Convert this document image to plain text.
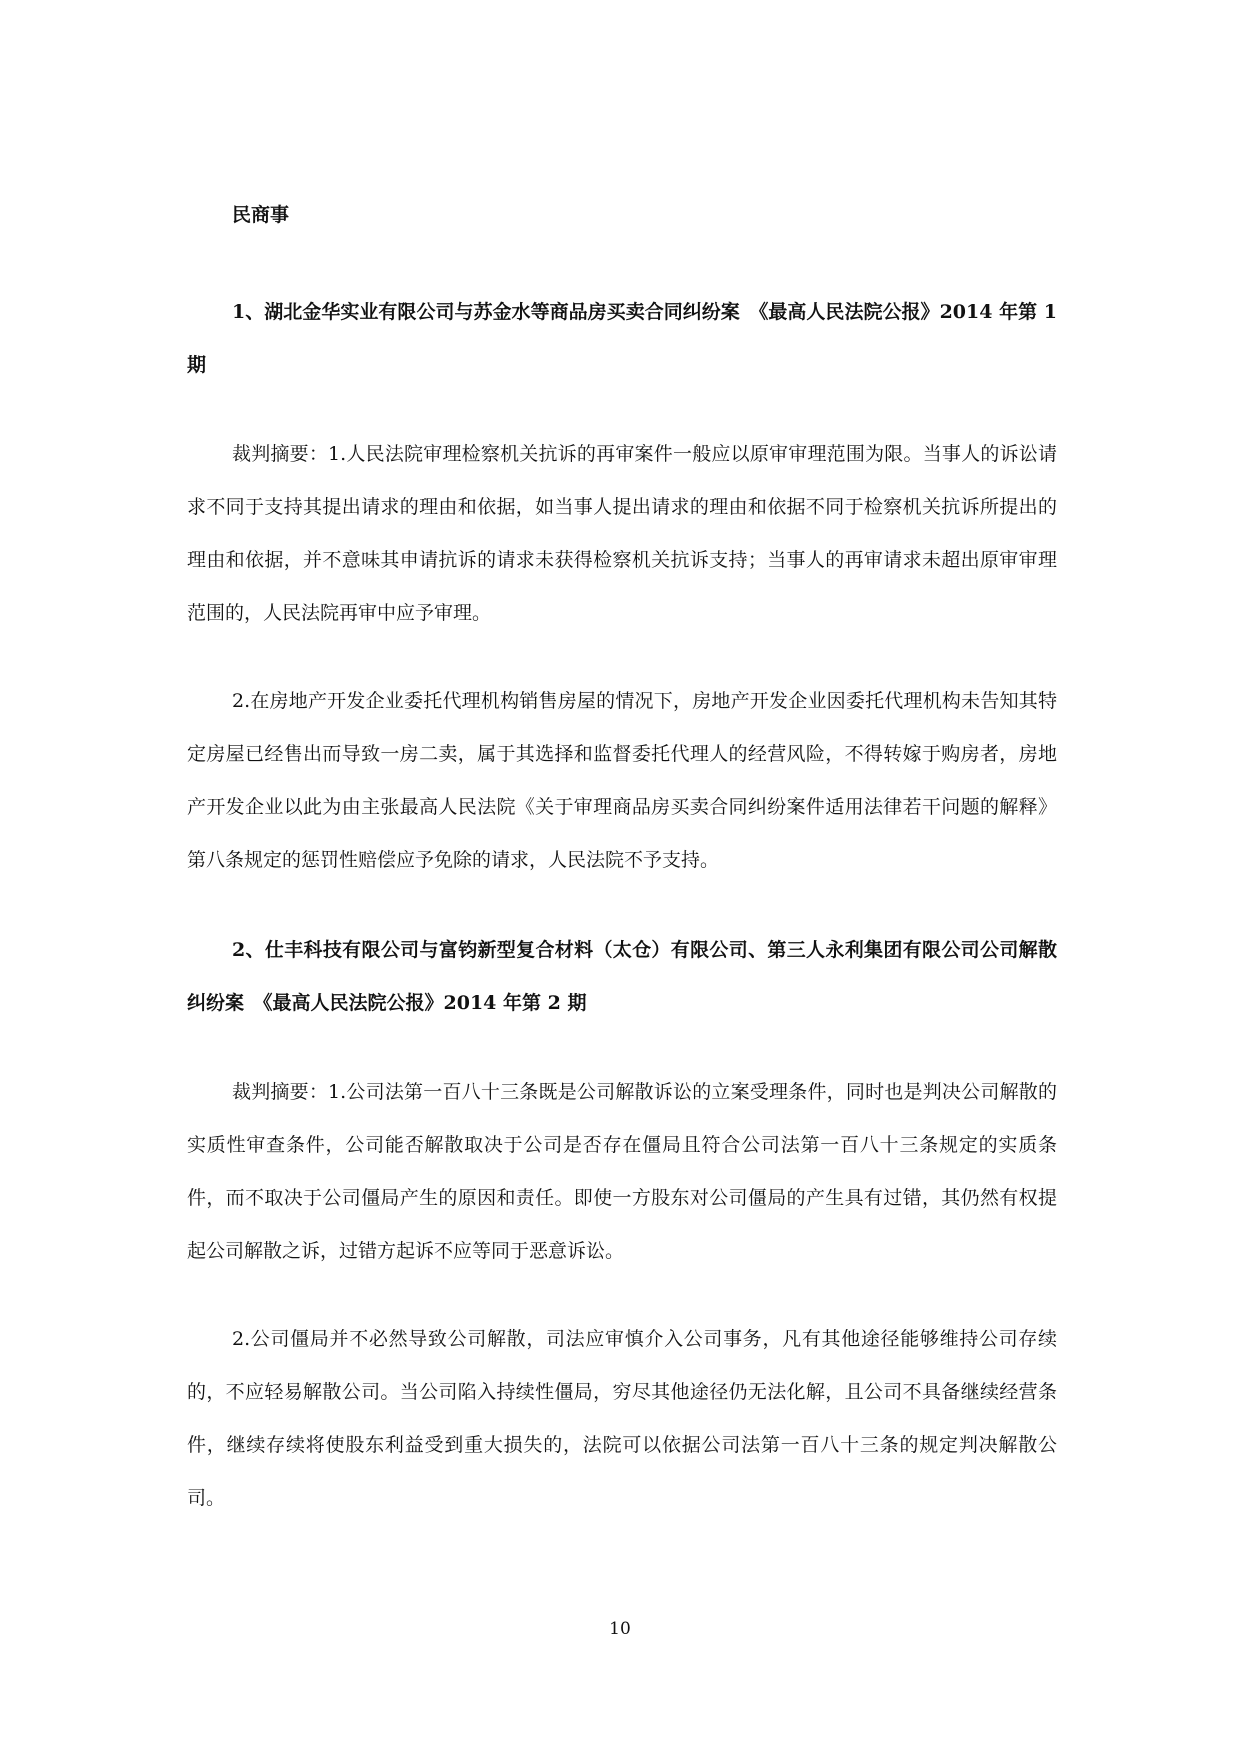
民商事

1、湖北金华实业有限公司与苏金水等商品房买卖合同纠纷案　《最高人民法院公报》2014 年第 1 期

裁判摘要：1.人民法院审理检察机关抗诉的再审案件一般应以原审审理范围为限。当事人的诉讼请求不同于支持其提出请求的理由和依据，如当事人提出请求的理由和依据不同于检察机关抗诉所提出的理由和依据，并不意味其申请抗诉的请求未获得检察机关抗诉支持；当事人的再审请求未超出原审审理范围的，人民法院再审中应予审理。

2.在房地产开发企业委托代理机构销售房屋的情况下，房地产开发企业因委托代理机构未告知其特定房屋已经售出而导致一房二卖，属于其选择和监督委托代理人的经营风险，不得转嫁于购房者，房地产开发企业以此为由主张最高人民法院《关于审理商品房买卖合同纠纷案件适用法律若干问题的解释》第八条规定的惩罚性赔偿应予免除的请求，人民法院不予支持。

2、仕丰科技有限公司与富钧新型复合材料（太仓）有限公司、第三人永利集团有限公司公司解散纠纷案　《最高人民法院公报》2014 年第 2 期

裁判摘要：1.公司法第一百八十三条既是公司解散诉讼的立案受理条件，同时也是判决公司解散的实质性审查条件，公司能否解散取决于公司是否存在僵局且符合公司法第一百八十三条规定的实质条件，而不取决于公司僵局产生的原因和责任。即使一方股东对公司僵局的产生具有过错，其仍然有权提起公司解散之诉，过错方起诉不应等同于恶意诉讼。

2.公司僵局并不必然导致公司解散，司法应审慎介入公司事务，凡有其他途径能够维持公司存续的，不应轻易解散公司。当公司陷入持续性僵局，穷尽其他途径仍无法化解，且公司不具备继续经营条件，继续存续将使股东利益受到重大损失的，法院可以依据公司法第一百八十三条的规定判决解散公司。

10
